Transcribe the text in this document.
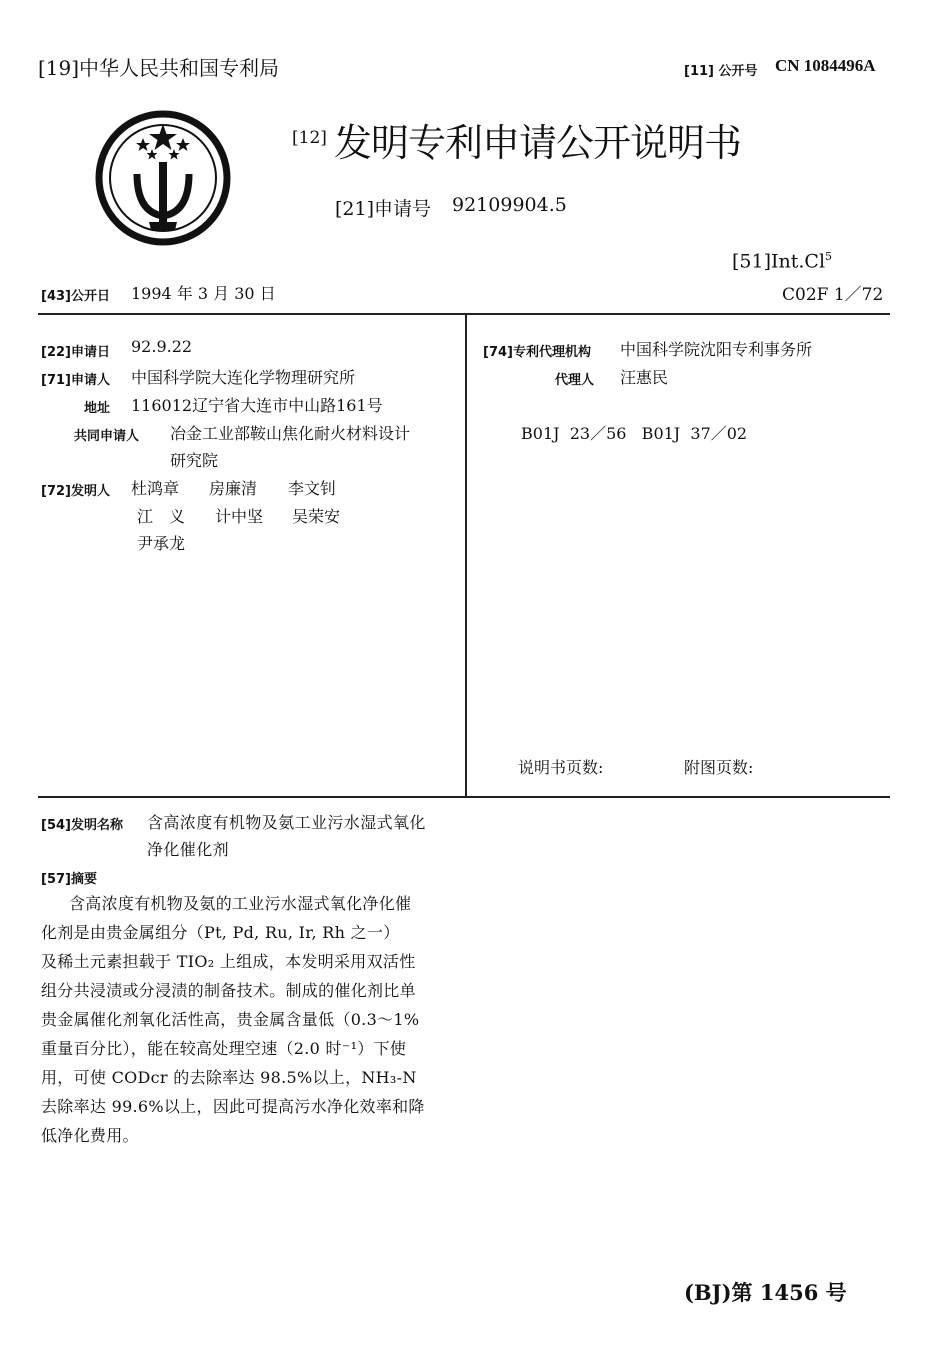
[19]中华人民共和国专利局	[11] 公开号 CN 1084496A
[12] 发明专利申请公开说明书
[21]申请号 92109904.5
[51]Int.Cl$^5$
C02F 1／72
[43]公开日 1994 年 3 月 30 日
[22]申请日 92.9.22
[71]申请人 中国科学院大连化学物理研究所
地址 116012辽宁省大连市中山路161号
共同申请人 冶金工业部鞍山焦化耐火材料设计
研究院
[72]发明人 杜鸿章 房廉清 李文钊
江　义 计中坚 吴荣安
尹承龙
[74]专利代理机构 中国科学院沈阳专利事务所
代理人 汪惠民
B01J  23／56   B01J  37／02
说明书页数:	附图页数:
[54]发明名称 含高浓度有机物及氨工业污水湿式氧化
净化催化剂
[57]摘要
含高浓度有机物及氨的工业污水湿式氧化净化催
化剂是由贵金属组分（Pt, Pd, Ru, Ir, Rh 之一）
及稀土元素担载于 TIO₂ 上组成，本发明采用双活性
组分共浸渍或分浸渍的制备技术。制成的催化剂比单
贵金属催化剂氧化活性高，贵金属含量低（0.3～1%
重量百分比），能在较高处理空速（2.0 时⁻¹）下使
用，可使 CODcr 的去除率达 98.5%以上，NH₃-N
去除率达 99.6%以上，因此可提高污水净化效率和降
低净化费用。
(BJ)第 1456 号
